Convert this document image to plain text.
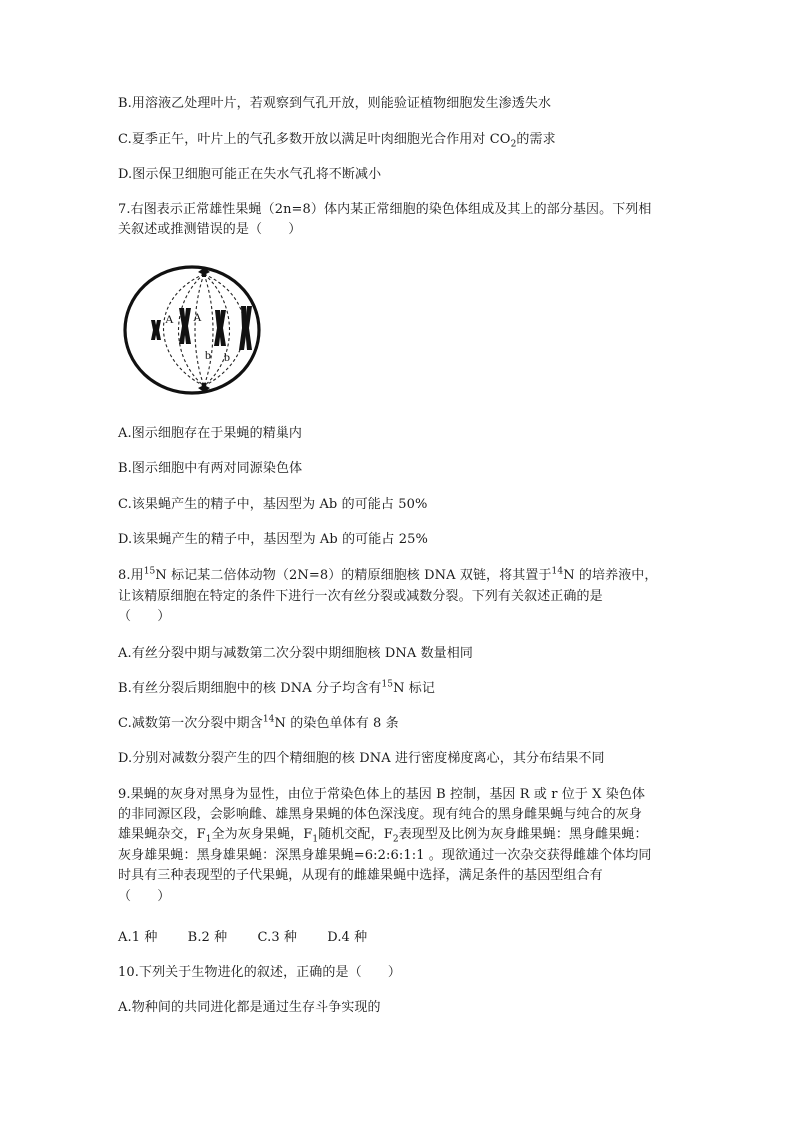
B.用溶液乙处理叶片，若观察到气孔开放，则能验证植物细胞发生渗透失水
C.夏季正午，叶片上的气孔多数开放以满足叶肉细胞光合作用对 $CO_2$的需求
D.图示保卫细胞可能正在失水气孔将不断减小
7.右图表示正常雄性果蝇（2n=8）体内某正常细胞的染色体组成及其上的部分基因。下列相
关叙述或推测错误的是（　　）
A A
b b
A.图示细胞存在于果蝇的精巢内
B.图示细胞中有两对同源染色体
C.该果蝇产生的精子中，基因型为 Ab 的可能占 50%
D.该果蝇产生的精子中，基因型为 Ab 的可能占 25%
8.用$^{15}$N 标记某二倍体动物（2N=8）的精原细胞核 DNA 双链，将其置于$^{14}$N 的培养液中，
让该精原细胞在特定的条件下进行一次有丝分裂或减数分裂。下列有关叙述正确的是
（　　）
A.有丝分裂中期与减数第二次分裂中期细胞核 DNA 数量相同
B.有丝分裂后期细胞中的核 DNA 分子均含有$^{15}$N 标记
C.减数第一次分裂中期含$^{14}$N 的染色单体有 8 条
D.分别对减数分裂产生的四个精细胞的核 DNA 进行密度梯度离心，其分布结果不同
9.果蝇的灰身对黑身为显性，由位于常染色体上的基因 B 控制，基因 R 或 r 位于 X 染色体
的非同源区段，会影响雌、雄黑身果蝇的体色深浅度。现有纯合的黑身雌果蝇与纯合的灰身
雄果蝇杂交，$F_1$全为灰身果蝇，$F_1$随机交配，$F_2$表现型及比例为灰身雌果蝇：黑身雌果蝇：
灰身雄果蝇：黑身雄果蝇：深黑身雄果蝇=6:2:6:1:1 。现欲通过一次杂交获得雌雄个体均同
时具有三种表现型的子代果蝇，从现有的雌雄果蝇中选择，满足条件的基因型组合有
（　　）
A.1 种 B.2 种 C.3 种 D.4 种
10.下列关于生物进化的叙述，正确的是（　　）
A.物种间的共同进化都是通过生存斗争实现的
